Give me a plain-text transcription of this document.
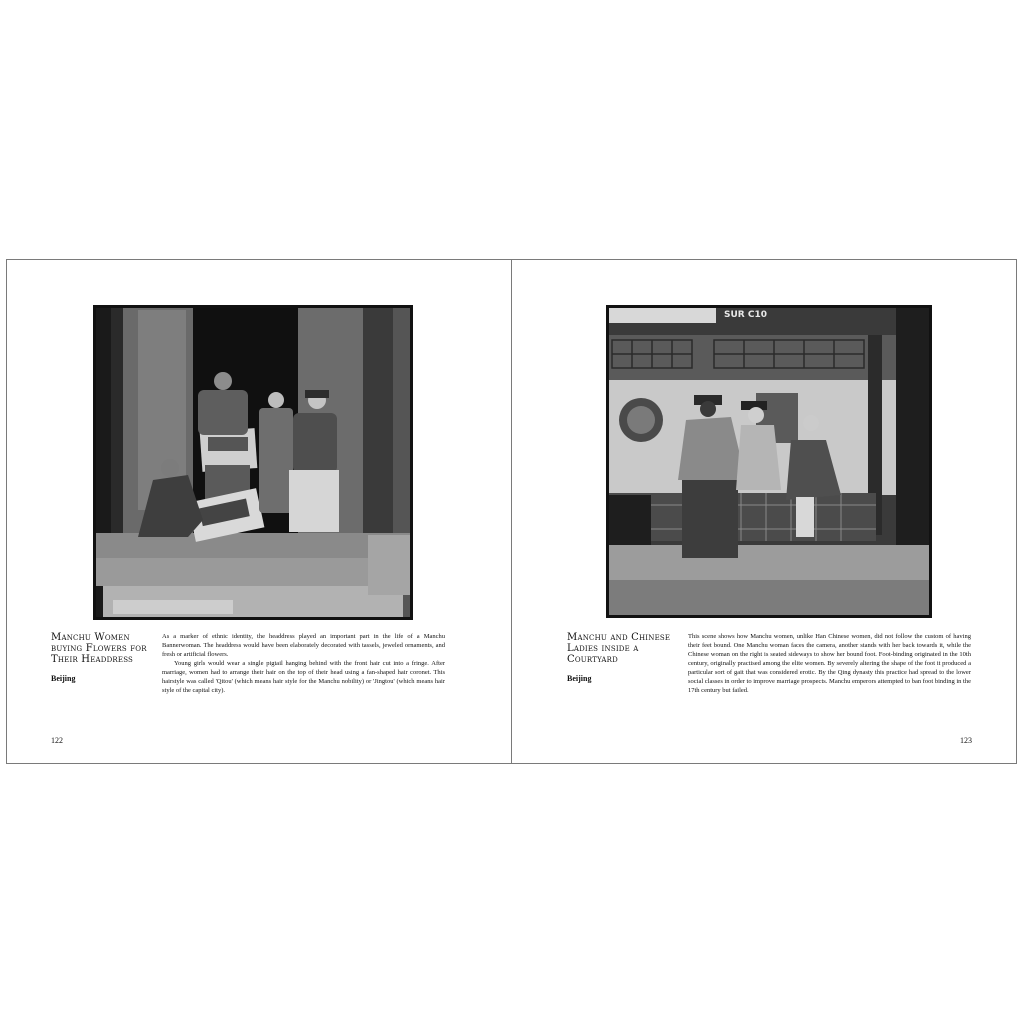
Manchu Women buying Flowers for Their Headdress
Beijing

As a marker of ethnic identity, the headdress played an important part in the life of a Manchu Bannerwoman. The headdress would have been elaborately decorated with tassels, jeweled ornaments, and fresh or artificial flowers.

Young girls would wear a single pigtail hanging behind with the front hair cut into a fringe. After marriage, women had to arrange their hair on the top of their head using a fan-shaped hair coronet. This hairstyle was called 'Qitou' (which means hair style for the Manchu nobility) or 'Jingtou' (which means hair style of the capital city).

122
SUR C10
Manchu and Chinese Ladies inside a Courtyard
Beijing

This scene shows how Manchu women, unlike Han Chinese women, did not follow the custom of having their feet bound. One Manchu woman faces the camera, another stands with her back towards it, while the Chinese woman on the right is seated sideways to show her bound foot. Foot-binding originated in the 10th century, originally practised among the elite women. By severely altering the shape of the foot it produced a particular sort of gait that was considered erotic. By the Qing dynasty this practice had spread to the lower social classes in order to improve marriage prospects. Manchu emperors attempted to ban foot binding in the 17th century but failed.

123
